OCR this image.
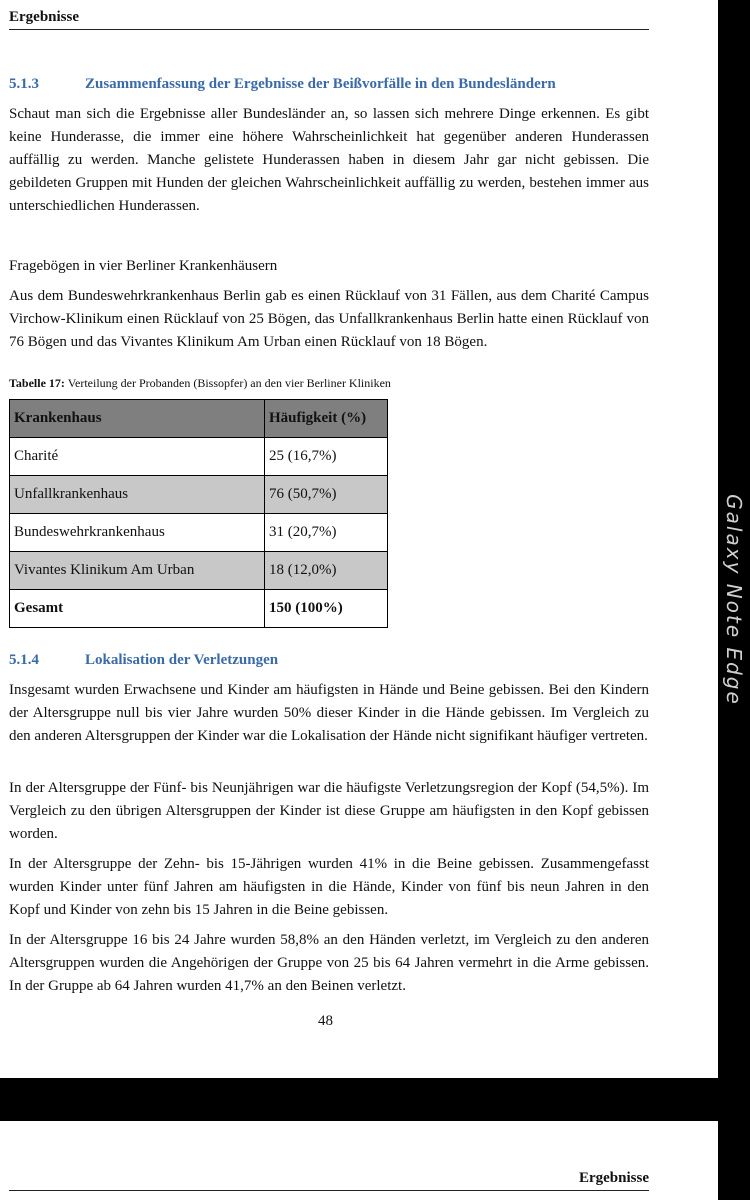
Ergebnisse
5.1.3	Zusammenfassung der Ergebnisse der Beißvorfälle in den Bundesländern

Schaut man sich die Ergebnisse aller Bundesländer an, so lassen sich mehrere Dinge erkennen. Es gibt keine Hunderasse, die immer eine höhere Wahrscheinlichkeit hat gegenüber anderen Hunderassen auffällig zu werden. Manche gelistete Hunderassen haben in diesem Jahr gar nicht gebissen. Die gebildeten Gruppen mit Hunden der gleichen Wahrscheinlichkeit auffällig zu werden, bestehen immer aus unterschiedlichen Hunderassen.

Fragebögen in vier Berliner Krankenhäusern

Aus dem Bundeswehrkrankenhaus Berlin gab es einen Rücklauf von 31 Fällen, aus dem Charité Campus Virchow-Klinikum einen Rücklauf von 25 Bögen, das Unfallkrankenhaus Berlin hatte einen Rücklauf von 76 Bögen und das Vivantes Klinikum Am Urban einen Rücklauf von 18 Bögen.

Tabelle 17: Verteilung der Probanden (Bissopfer) an den vier Berliner Kliniken
Krankenhaus	Häufigkeit (%)
Charité	25 (16,7%)
Unfallkrankenhaus	76 (50,7%)
Bundeswehrkrankenhaus	31 (20,7%)
Vivantes Klinikum Am Urban	18 (12,0%)
Gesamt	150 (100%)
5.1.4	Lokalisation der Verletzungen

Insgesamt wurden Erwachsene und Kinder am häufigsten in Hände und Beine gebissen. Bei den Kindern der Altersgruppe null bis vier Jahre wurden 50% dieser Kinder in die Hände gebissen. Im Vergleich zu den anderen Altersgruppen der Kinder war die Lokalisation der Hände nicht signifikant häufiger vertreten.

In der Altersgruppe der Fünf- bis Neunjährigen war die häufigste Verletzungsregion der Kopf (54,5%). Im Vergleich zu den übrigen Altersgruppen der Kinder ist diese Gruppe am häufigsten in den Kopf gebissen worden.

In der Altersgruppe der Zehn- bis 15-Jährigen wurden 41% in die Beine gebissen. Zusammengefasst wurden Kinder unter fünf Jahren am häufigsten in die Hände, Kinder von fünf bis neun Jahren in den Kopf und Kinder von zehn bis 15 Jahren in die Beine gebissen.

In der Altersgruppe 16 bis 24 Jahre wurden 58,8% an den Händen verletzt, im Vergleich zu den anderen Altersgruppen wurden die Angehörigen der Gruppe von 25 bis 64 Jahren vermehrt in die Arme gebissen. In der Gruppe ab 64 Jahren wurden 41,7% an den Beinen verletzt.

48
Ergebnisse
Galaxy Note Edge
